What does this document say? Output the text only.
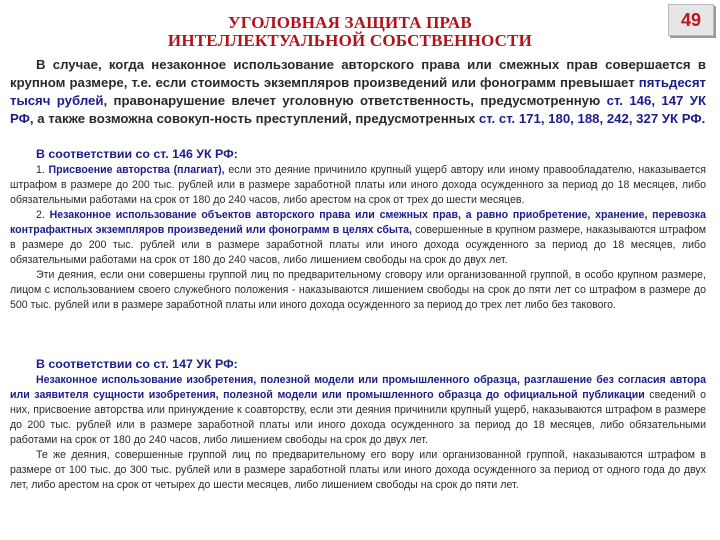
УГОЛОВНАЯ ЗАЩИТА ПРАВ
ИНТЕЛЛЕКТУАЛЬНОЙ СОБСТВЕННОСТИ
49
В случае, когда незаконное использование авторского права или смежных прав совершается в крупном размере, т.е. если стоимость экземпляров произведений или фонограмм превышает пятьдесят тысяч рублей, правонарушение влечет уголовную ответственность, предусмотренную ст. 146, 147 УК РФ, а также возможна совокуп-ность преступлений, предусмотренных ст. ст. 171, 180, 188, 242, 327 УК РФ.
В соответствии со ст. 146 УК РФ:
1. Присвоение авторства (плагиат), если это деяние причинило крупный ущерб автору или иному правообладателю, наказывается штрафом в размере до 200 тыс. рублей или в размере заработной платы или иного дохода осужденного за период до 18 месяцев, либо обязательными работами на срок от 180 до 240 часов, либо арестом на срок от трех до шести месяцев.
2. Незаконное использование объектов авторского права или смежных прав, а равно приобретение, хранение, перевозка контрафактных экземпляров произведений или фонограмм в целях сбыта, совершенные в крупном размере, наказываются штрафом в размере до 200 тыс. рублей или в размере заработной платы или иного дохода осужденного за период до 18 месяцев, либо обязательными работами на срок от 180 до 240 часов, либо лишением свободы на срок до двух лет.
Эти деяния, если они совершены группой лиц по предварительному сговору или организованной группой, в особо крупном размере, лицом с использованием своего служебного положения - наказываются лишением свободы на срок до пяти лет со штрафом в размере до 500 тыс. рублей или в размере заработной платы или иного дохода осужденного за период до трех лет либо без такового.
В соответствии со ст. 147 УК РФ:
Незаконное использование изобретения, полезной модели или промышленного образца, разглашение без согласия автора или заявителя сущности изобретения, полезной модели или промышленного образца до официальной публикации сведений о них, присвоение авторства или принуждение к соавторству, если эти деяния причинили крупный ущерб, наказываются штрафом в размере до 200 тыс. рублей или в размере заработной платы или иного дохода осужденного за период до 18 месяцев, либо обязательными работами на срок от 180 до 240 часов, либо лишением свободы на срок до двух лет.
Те же деяния, совершенные группой лиц по предварительному его вору или организованной группой, наказываются штрафом в размере от 100 тыс. до 300 тыс. рублей или в размере заработной платы или иного дохода осужденного за период от одного года до двух лет, либо арестом на срок от четырех до шести месяцев, либо лишением свободы на срок до пяти лет.
